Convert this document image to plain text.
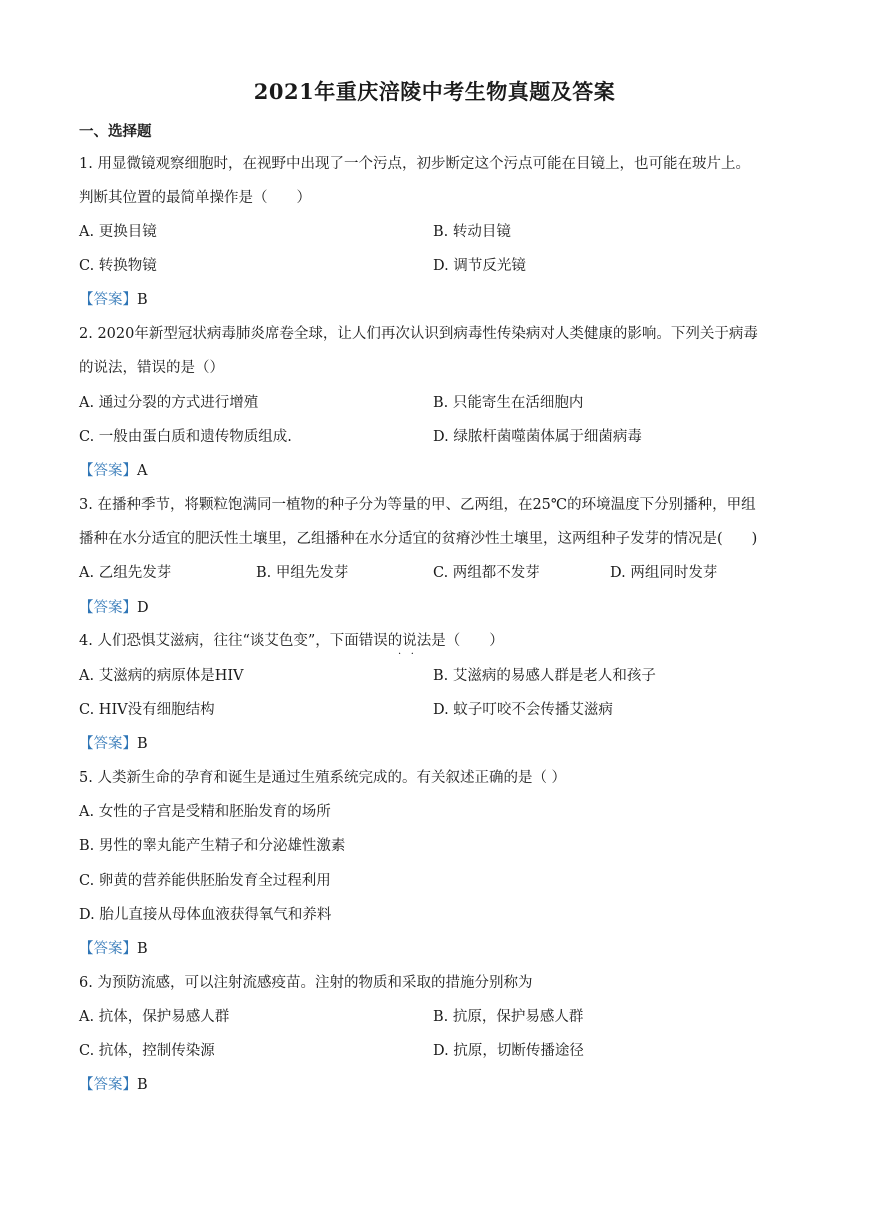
2021年重庆涪陵中考生物真题及答案
一、选择题
1. 用显微镜观察细胞时，在视野中出现了一个污点，初步断定这个污点可能在目镜上，也可能在玻片上。
判断其位置的最简单操作是（　　）
A. 更换目镜	B. 转动目镜
C. 转换物镜	D. 调节反光镜
【答案】B
2. 2020年新型冠状病毒肺炎席卷全球，让人们再次认识到病毒性传染病对人类健康的影响。下列关于病毒
的说法，错误的是（）
A. 通过分裂的方式进行增殖	B. 只能寄生在活细胞内
C. 一般由蛋白质和遗传物质组成.	D. 绿脓杆菌噬菌体属于细菌病毒
【答案】A
3. 在播种季节，将颗粒饱满同一植物的种子分为等量的甲、乙两组，在25℃的环境温度下分别播种，甲组
播种在水分适宜的肥沃性土壤里，乙组播种在水分适宜的贫瘠沙性土壤里，这两组种子发芽的情况是(　　)
A. 乙组先发芽	B. 甲组先发芽	C. 两组都不发芽	D. 两组同时发芽
【答案】D
4. 人们恐惧艾滋病，往往“谈艾色变”，下面错误的说法是（　　）
·   ·
A. 艾滋病的病原体是HIV	B. 艾滋病的易感人群是老人和孩子
C. HIV没有细胞结构	D. 蚊子叮咬不会传播艾滋病
【答案】B
5. 人类新生命的孕育和诞生是通过生殖系统完成的。有关叙述正确的是（ ）
A. 女性的子宫是受精和胚胎发育的场所
B. 男性的睾丸能产生精子和分泌雄性激素
C. 卵黄的营养能供胚胎发育全过程利用
D. 胎儿直接从母体血液获得氧气和养料
【答案】B
6. 为预防流感，可以注射流感疫苗。注射的物质和采取的措施分别称为
A. 抗体，保护易感人群	B. 抗原，保护易感人群
C. 抗体，控制传染源	D. 抗原，切断传播途径
【答案】B
